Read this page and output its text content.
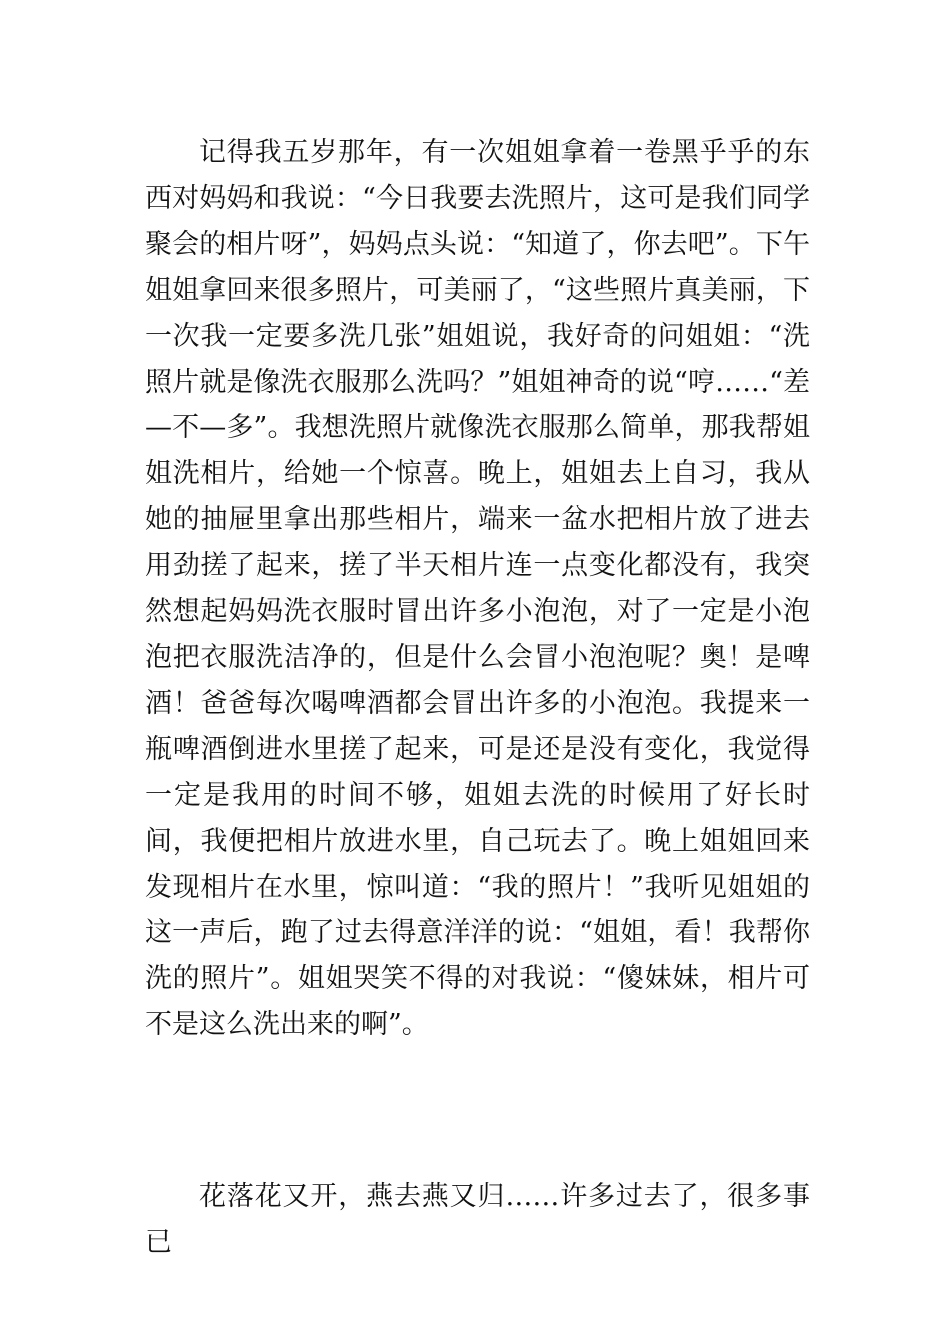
记得我五岁那年，有一次姐姐拿着一卷黑乎乎的东西对妈妈和我说：“今日我要去洗照片，这可是我们同学聚会的相片呀”，妈妈点头说：“知道了，你去吧”。下午姐姐拿回来很多照片，可美丽了，“这些照片真美丽，下一次我一定要多洗几张”姐姐说，我好奇的问姐姐：“洗照片就是像洗衣服那么洗吗？”姐姐神奇的说“哼……“差—不—多”。我想洗照片就像洗衣服那么简单，那我帮姐姐洗相片，给她一个惊喜。晚上，姐姐去上自习，我从她的抽屉里拿出那些相片，端来一盆水把相片放了进去用劲搓了起来，搓了半天相片连一点变化都没有，我突然想起妈妈洗衣服时冒出许多小泡泡，对了一定是小泡泡把衣服洗洁净的，但是什么会冒小泡泡呢？奥！是啤酒！爸爸每次喝啤酒都会冒出许多的小泡泡。我提来一瓶啤酒倒进水里搓了起来，可是还是没有变化，我觉得一定是我用的时间不够，姐姐去洗的时候用了好长时间，我便把相片放进水里，自己玩去了。晚上姐姐回来发现相片在水里，惊叫道：“我的照片！”我听见姐姐的这一声后，跑了过去得意洋洋的说：“姐姐，看！我帮你洗的照片”。姐姐哭笑不得的对我说：“傻妹妹，相片可不是这么洗出来的啊”。

花落花又开，燕去燕又归……许多过去了，很多事已
